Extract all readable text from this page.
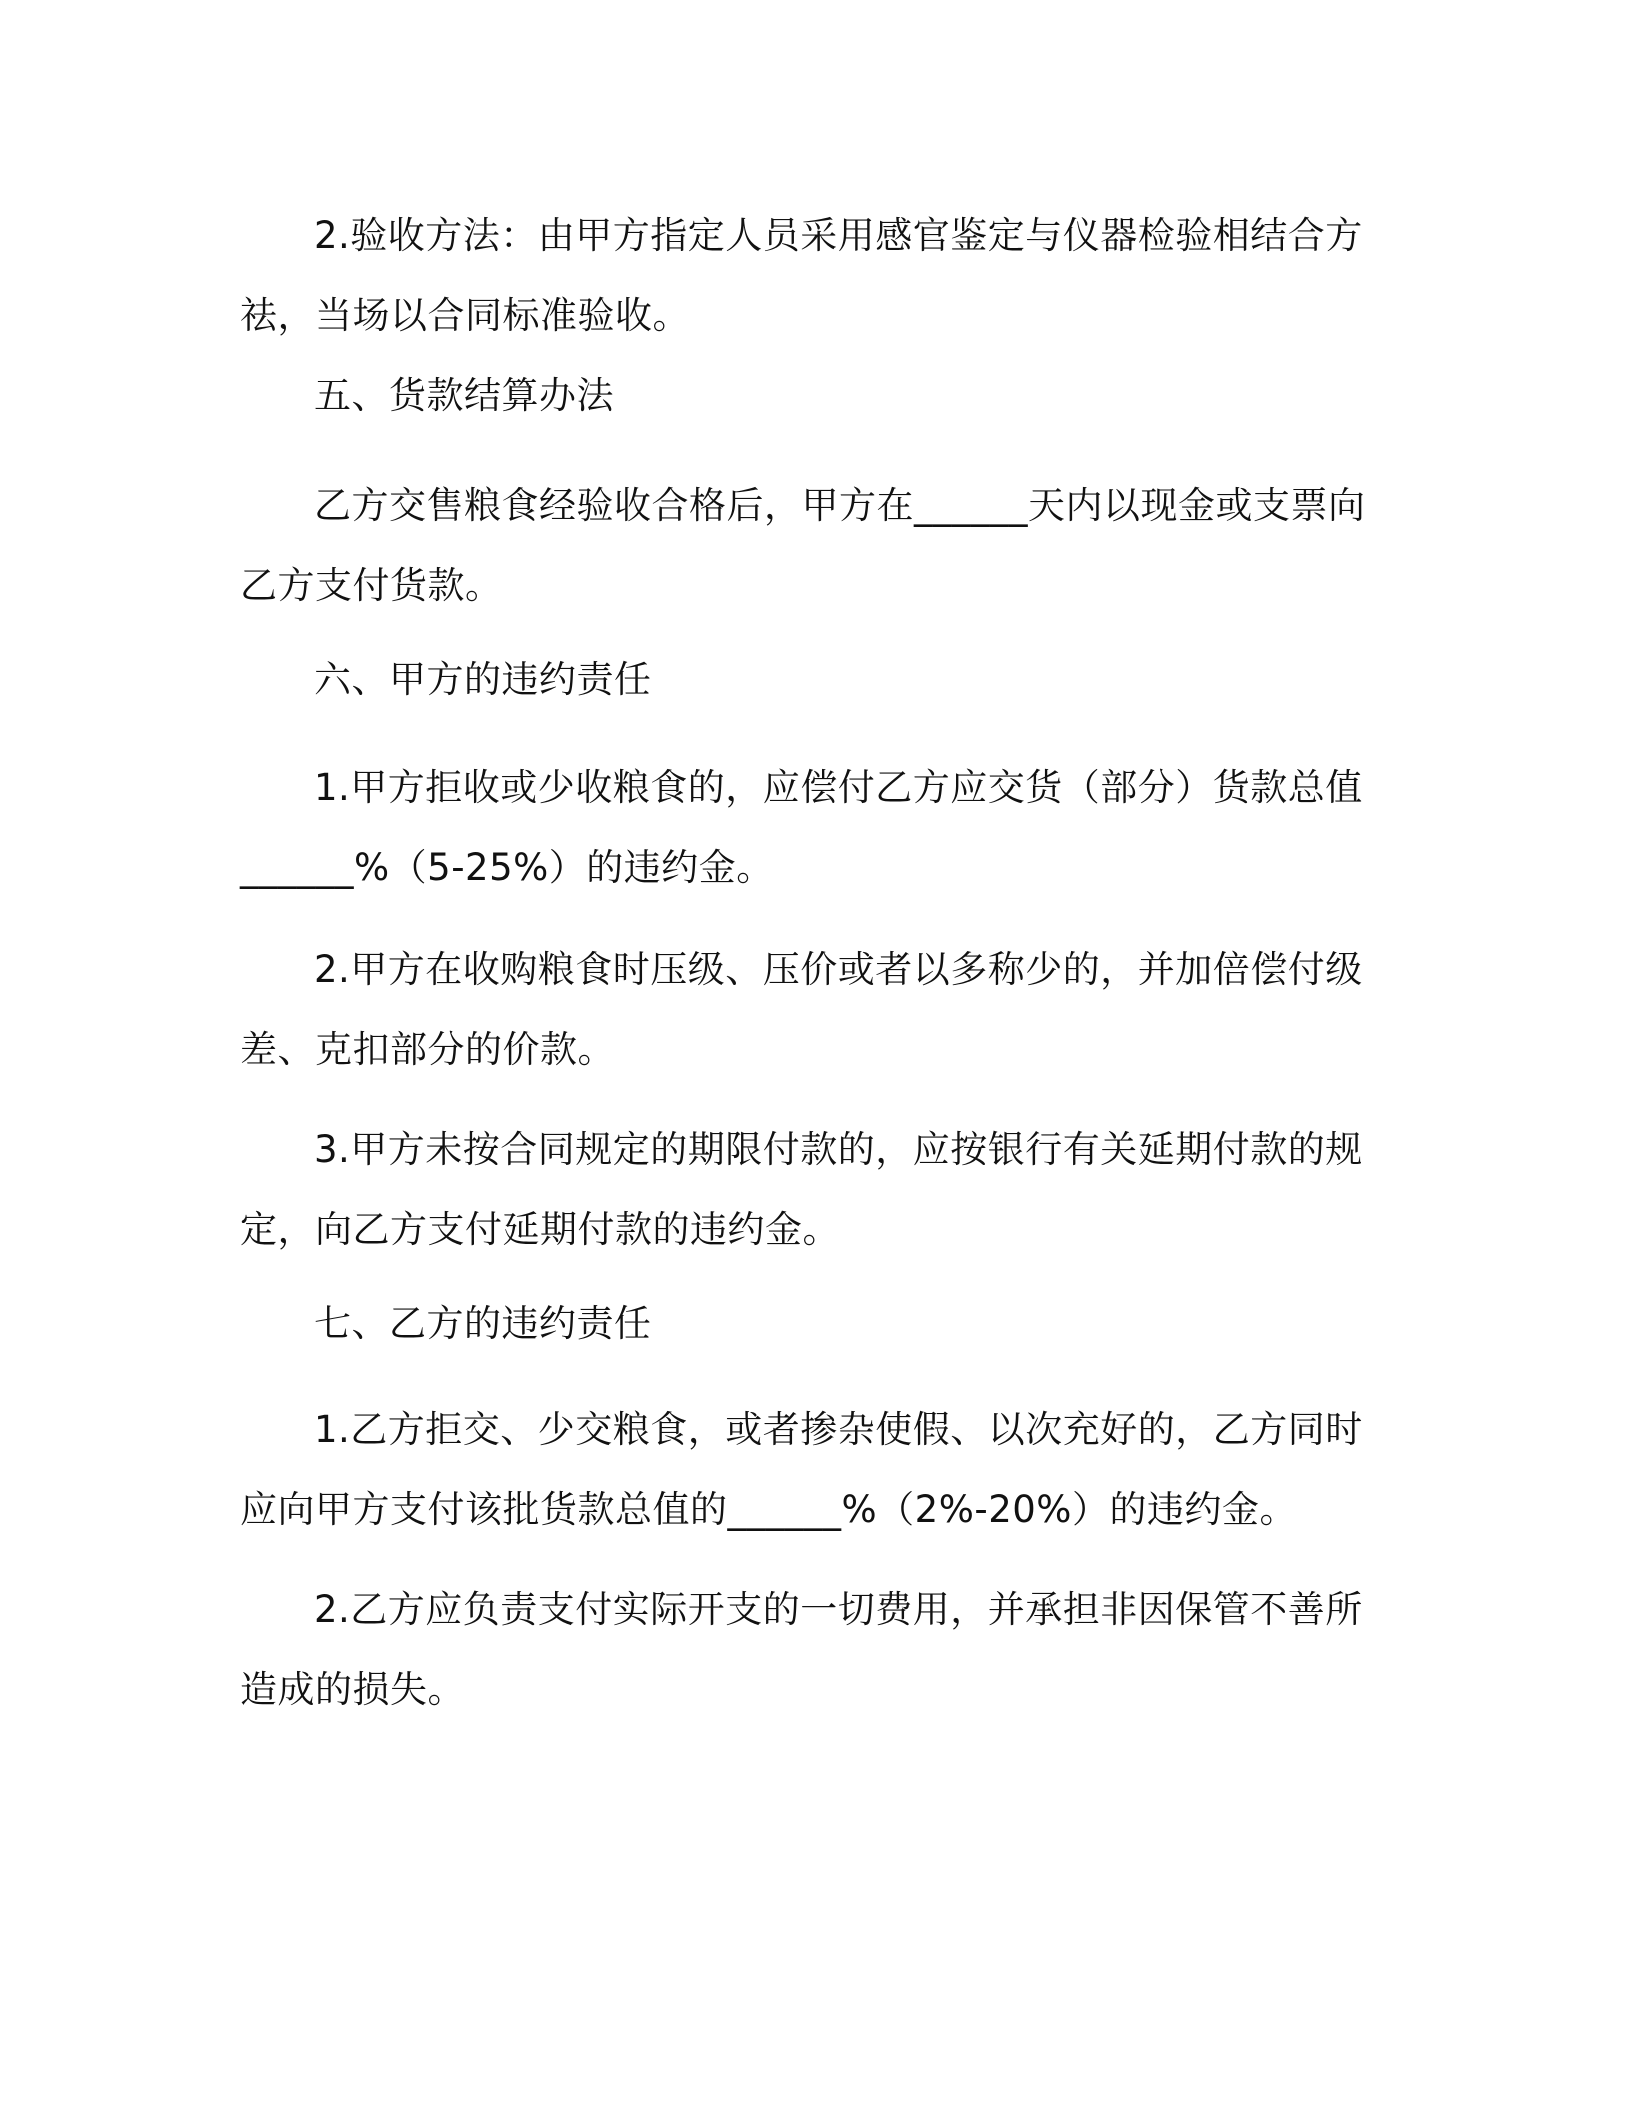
2.验收方法：由甲方指定人员采用感官鉴定与仪器检验相结合方
祛，当场以合同标准验收。

五、货款结算办法

乙方交售粮食经验收合格后，甲方在______天内以现金或支票向
乙方支付货款。

六、甲方的违约责任

1.甲方拒收或少收粮食的，应偿付乙方应交货（部分）货款总值
______%（5-25%）的违约金。

2.甲方在收购粮食时压级、压价或者以多称少的，并加倍偿付级
差、克扣部分的价款。

3.甲方未按合同规定的期限付款的，应按银行有关延期付款的规
定，向乙方支付延期付款的违约金。

七、乙方的违约责任

1.乙方拒交、少交粮食，或者掺杂使假、以次充好的，乙方同时
应向甲方支付该批货款总值的______%（2%-20%）的违约金。

2.乙方应负责支付实际开支的一切费用，并承担非因保管不善所
造成的损失。
